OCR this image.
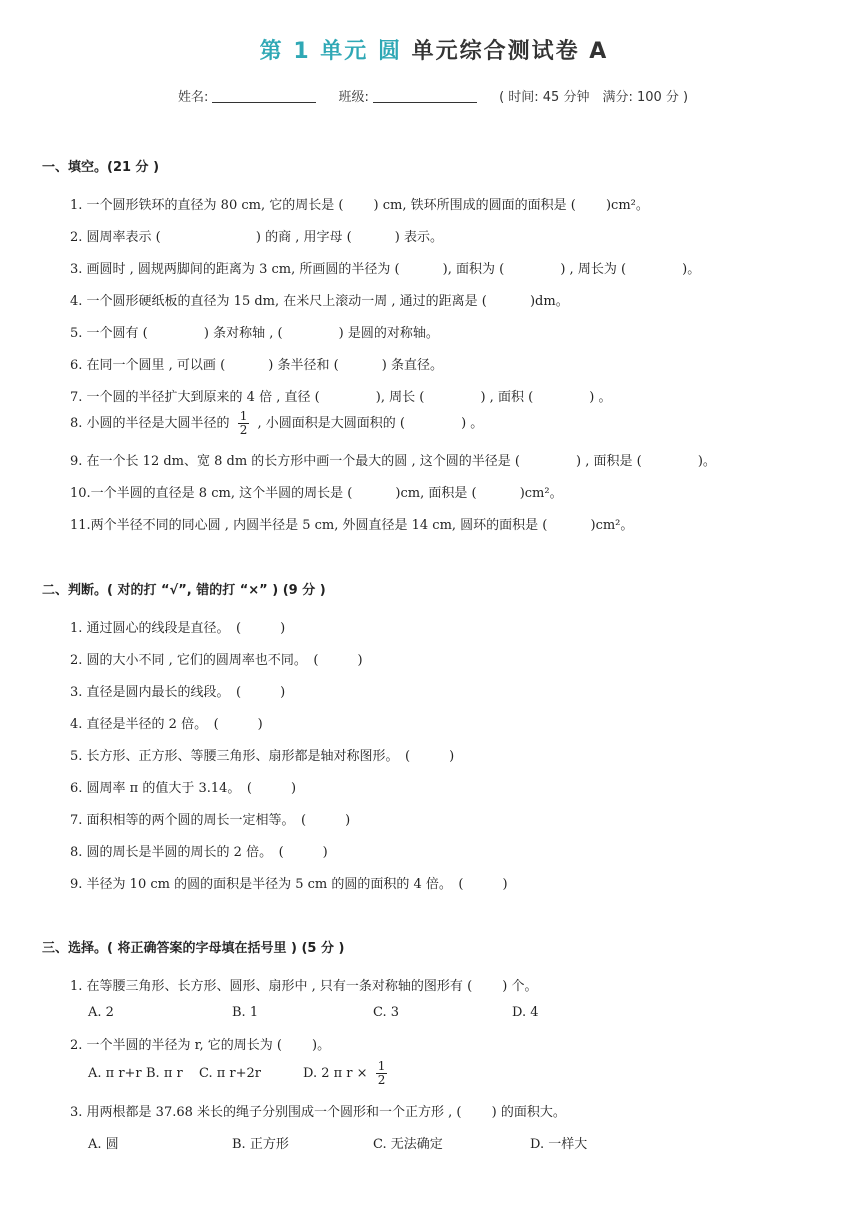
第 1 单元 圆 单元综合测试卷 A
姓名:	班级:	( 时间: 45 分钟　满分: 100 分 )
一、填空。(21 分 )
1. 一个圆形铁环的直径为 80 cm, 它的周长是 (　　 ) cm, 铁环所围成的圆面的面积是 (　　 )cm²。
2. 圆周率表示 (　　　　　　　 ) 的商 , 用字母 (　　　 ) 表示。
3. 画圆时 , 圆规两脚间的距离为 3 cm, 所画圆的半径为 (　　　 ), 面积为 (　　　　 ) , 周长为 (　　　　 )。
4. 一个圆形硬纸板的直径为 15 dm, 在米尺上滚动一周 , 通过的距离是 (　　　 )dm。
5. 一个圆有 (　　　　 ) 条对称轴 , (　　　　 ) 是圆的对称轴。
6. 在同一个圆里 , 可以画 (　　　 ) 条半径和 (　　　 ) 条直径。
7. 一个圆的半径扩大到原来的 4 倍 , 直径 (　　　　 ), 周长 (　　　　 ) , 面积 (　　　　 ) 。
8. 小圆的半径是大圆半径的 $\frac{1}{2}$ , 小圆面积是大圆面积的 (　　　　 ) 。
9. 在一个长 12 dm、宽 8 dm 的长方形中画一个最大的圆 , 这个圆的半径是 (　　　　 ) , 面积是 (　　　　 )。
10.一个半圆的直径是 8 cm, 这个半圆的周长是 (　　　 )cm, 面积是 (　　　 )cm²。
11.两个半径不同的同心圆 , 内圆半径是 5 cm, 外圆直径是 14 cm, 圆环的面积是 (　　　 )cm²。
二、判断。( 对的打 “√”, 错的打 “×” ) (9 分 )
1. 通过圆心的线段是直径。　(　　　)
2. 圆的大小不同 , 它们的圆周率也不同。　(　　　)
3. 直径是圆内最长的线段。　(　　　)
4. 直径是半径的 2 倍。　(　　　)
5. 长方形、正方形、等腰三角形、扇形都是轴对称图形。　(　　　)
6. 圆周率 π 的值大于 3.14。　(　　　)
7. 面积相等的两个圆的周长一定相等。　(　　　)
8. 圆的周长是半圆的周长的 2 倍。　(　　　)
9. 半径为 10 cm 的圆的面积是半径为 5 cm 的圆的面积的 4 倍。　(　　　)
三、选择。( 将正确答案的字母填在括号里 ) (5 分 )
1. 在等腰三角形、长方形、圆形、扇形中 , 只有一条对称轴的图形有 (　　 ) 个。
A. 2	B. 1	C. 3	D. 4
2. 一个半圆的半径为 r, 它的周长为 (　　 )。
A. π r+r B. π r C. π r+2r	D. 2 π $r \times \frac{1}{2}$
3. 用两根都是 37.68 米长的绳子分别围成一个圆形和一个正方形 , (　　 ) 的面积大。
A. 圆	B. 正方形	C. 无法确定	D. 一样大
